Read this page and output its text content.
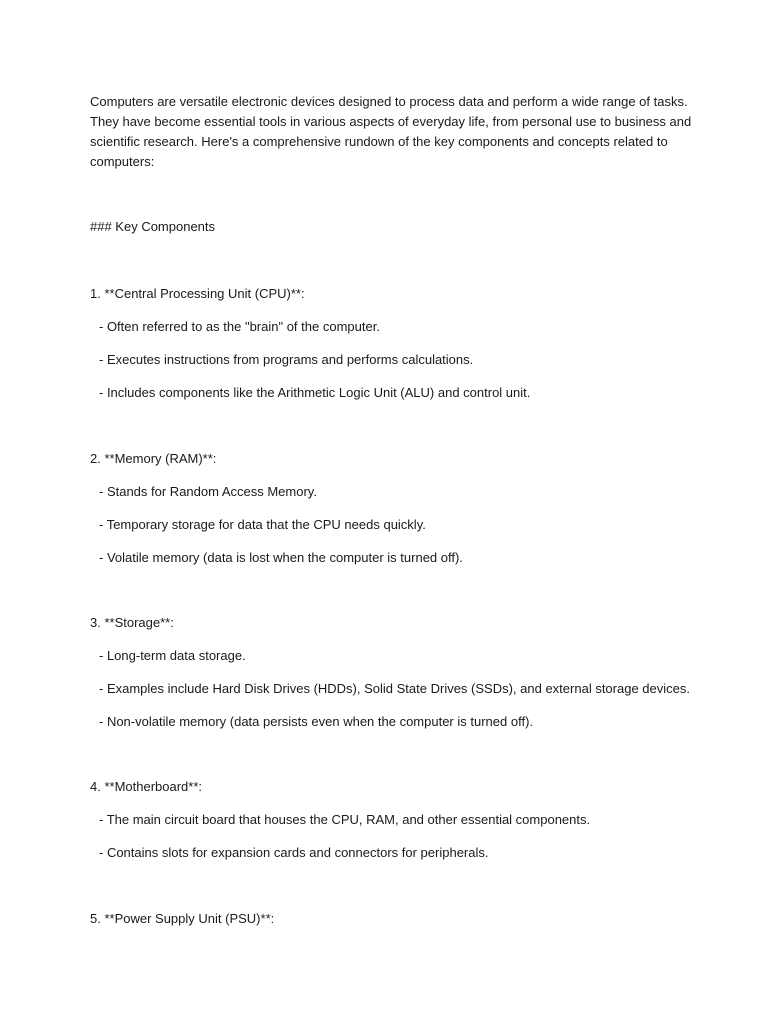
Computers are versatile electronic devices designed to process data and perform a wide range of tasks.
They have become essential tools in various aspects of everyday life, from personal use to business and
scientific research. Here's a comprehensive rundown of the key components and concepts related to
computers:
### Key Components
1. **Central Processing Unit (CPU)**:
- Often referred to as the "brain" of the computer.
- Executes instructions from programs and performs calculations.
- Includes components like the Arithmetic Logic Unit (ALU) and control unit.
2. **Memory (RAM)**:
- Stands for Random Access Memory.
- Temporary storage for data that the CPU needs quickly.
- Volatile memory (data is lost when the computer is turned off).
3. **Storage**:
- Long-term data storage.
- Examples include Hard Disk Drives (HDDs), Solid State Drives (SSDs), and external storage devices.
- Non-volatile memory (data persists even when the computer is turned off).
4. **Motherboard**:
- The main circuit board that houses the CPU, RAM, and other essential components.
- Contains slots for expansion cards and connectors for peripherals.
5. **Power Supply Unit (PSU)**:
